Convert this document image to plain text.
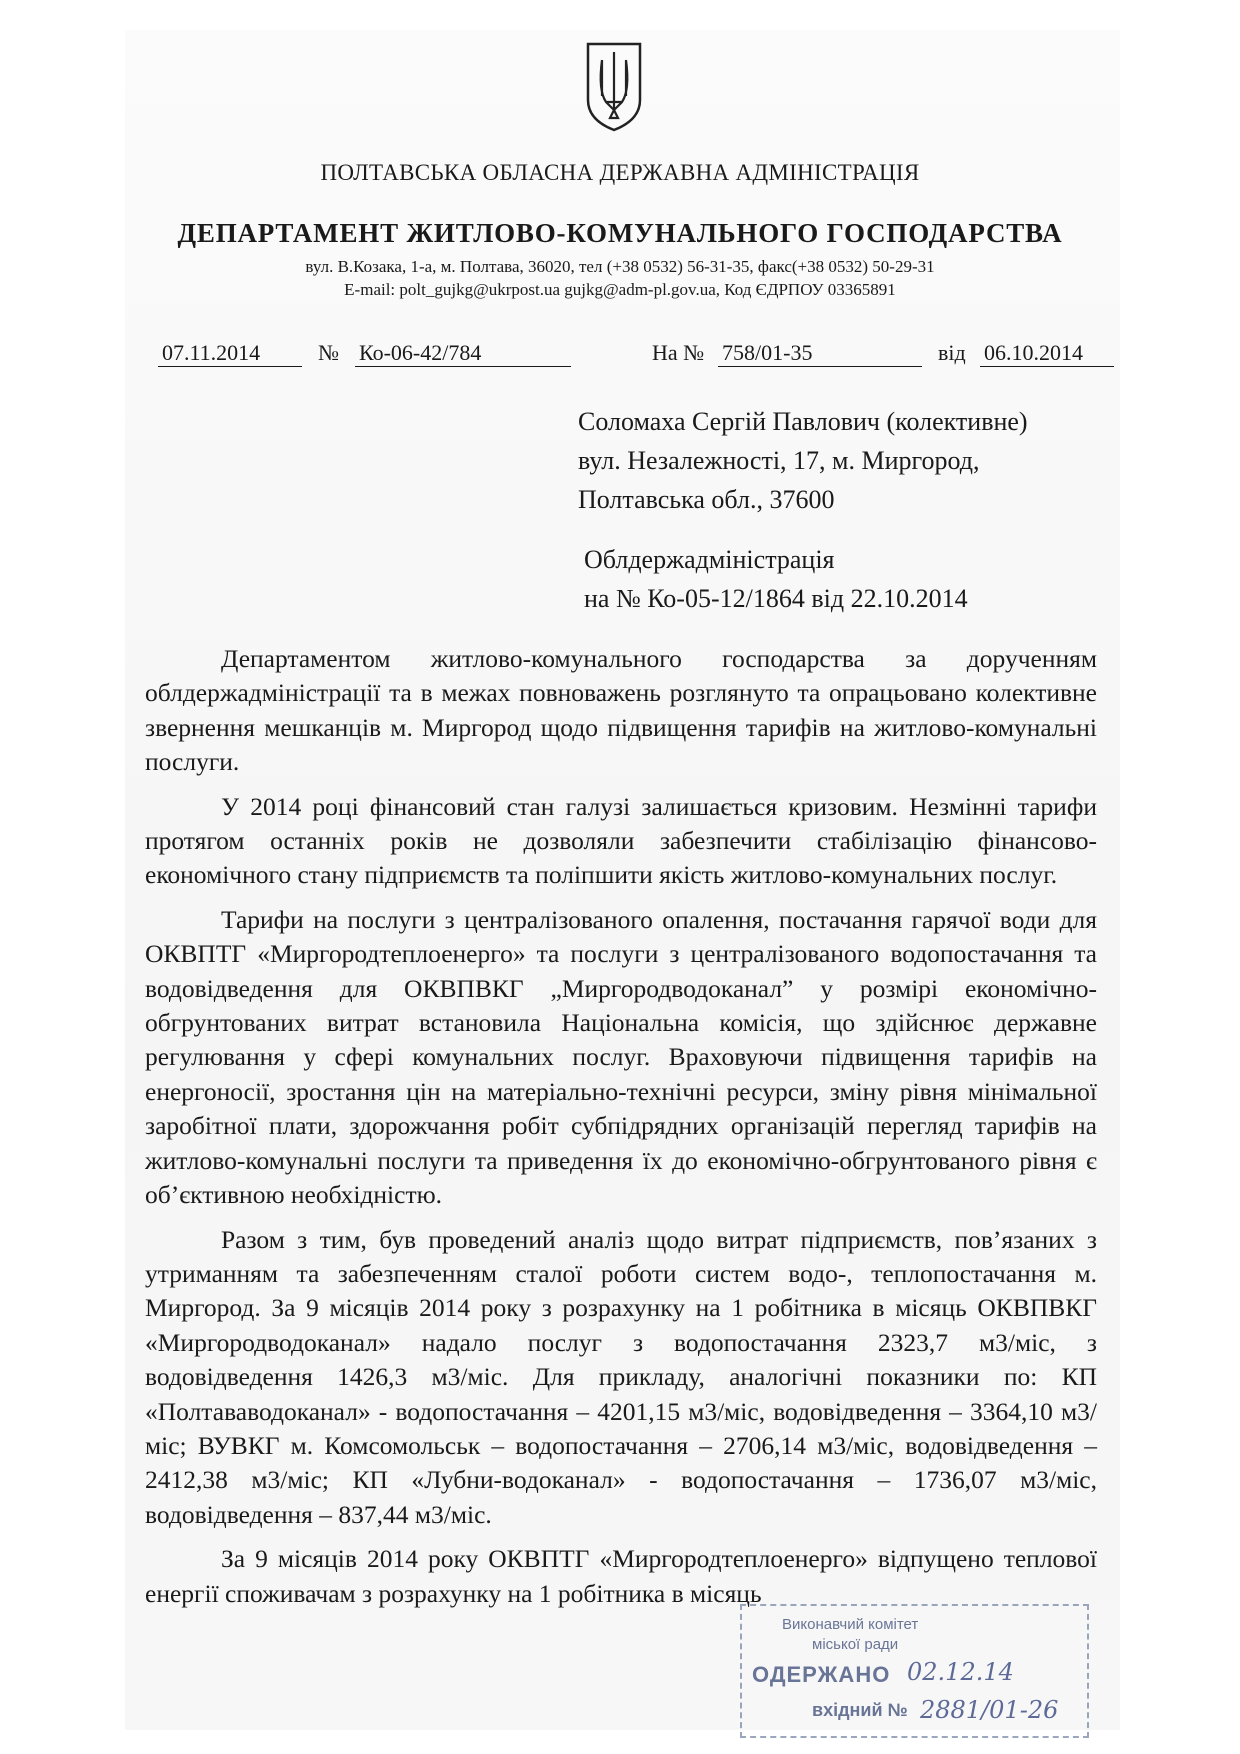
ПОЛТАВСЬКА ОБЛАСНА ДЕРЖАВНА АДМІНІСТРАЦІЯ
ДЕПАРТАМЕНТ ЖИТЛОВО-КОМУНАЛЬНОГО ГОСПОДАРСТВА
вул. В.Козака, 1-а, м. Полтава, 36020, тел (+38 0532) 56-31-35, факс(+38 0532) 50-29-31
E-mail: polt_gujkg@ukrpost.ua gujkg@adm-pl.gov.ua, Код ЄДРПОУ 03365891
07.11.2014	№ Ко-06-42/784	На № 758/01-35	від 06.10.2014
Соломаха Сергій Павлович (колективне)
вул. Незалежності, 17, м. Миргород,
Полтавська обл., 37600
Облдержадміністрація
на № Ко-05-12/1864 від 22.10.2014

Департаментом житлово-комунального господарства за дорученням облдержадміністрації та в межах повноважень розглянуто та опрацьовано колективне звернення мешканців м. Миргород щодо підвищення тарифів на житлово-комунальні послуги.

У 2014 році фінансовий стан галузі залишається кризовим. Незмінні тарифи протягом останніх років не дозволяли забезпечити стабілізацію фінансово-економічного стану підприємств та поліпшити якість житлово-комунальних послуг.

Тарифи на послуги з централізованого опалення, постачання гарячої води для ОКВПТГ «Миргородтеплоенерго» та послуги з централізованого водопостачання та водовідведення для ОКВПВКГ „Миргородводоканал” у розмірі економічно-обгрунтованих витрат встановила Національна комісія, що здійснює державне регулювання у сфері комунальних послуг. Враховуючи підвищення тарифів на енергоносії, зростання цін на матеріально-технічні ресурси, зміну рівня мінімальної заробітної плати, здорожчання робіт субпідрядних організацій перегляд тарифів на житлово-комунальні послуги та приведення їх до економічно-обгрунтованого рівня є об’єктивною необхідністю.

Разом з тим, був проведений аналіз щодо витрат підприємств, пов’язаних з утриманням та забезпеченням сталої роботи систем водо-, теплопостачання м. Миргород. За 9 місяців 2014 року з розрахунку на 1 робітника в місяць ОКВПВКГ «Миргородводоканал» надало послуг з водопостачання 2323,7 м3/міс, з водовідведення 1426,3 м3/міс. Для прикладу, аналогічні показники по: КП «Полтававодоканал» - водопостачання – 4201,15 м3/міс, водовідведення – 3364,10 м3/міс; ВУВКГ м. Комсомольськ – водопостачання – 2706,14 м3/міс, водовідведення – 2412,38 м3/міс; КП «Лубни-водоканал» - водопостачання – 1736,07 м3/міс, водовідведення – 837,44 м3/міс.

За 9 місяців 2014 року ОКВПТГ «Миргородтеплоенерго» відпущено теплової енергії споживачам з розрахунку на 1 робітника в місяць

Виконавчий комітет
міської ради
ОДЕРЖАНО 02.12.14
вхідний № 2881/01-26
